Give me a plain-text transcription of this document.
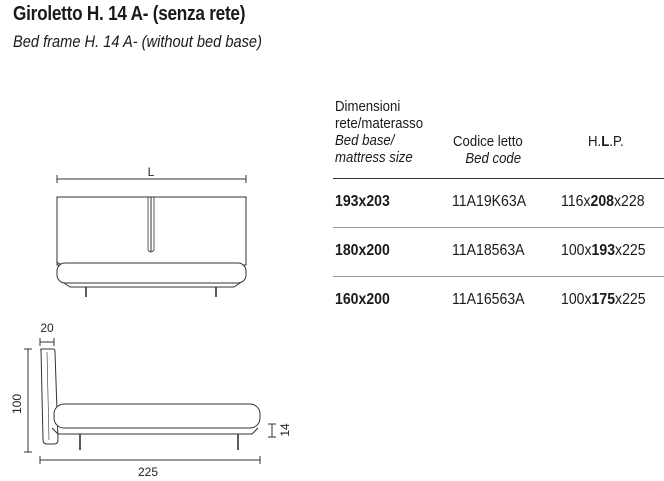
Giroletto H. 14 A- (senza rete)
Bed frame H. 14 A- (without bed base)
Dimensioni
rete/materasso
Bed base/
mattress size
Codice letto
Bed code
H.L.P.
193x203	11A19K63A 116x208x228
180x200	11A18563A 100x193x225
160x200	11A16563A 100x175x225
L
20
100
14
225
